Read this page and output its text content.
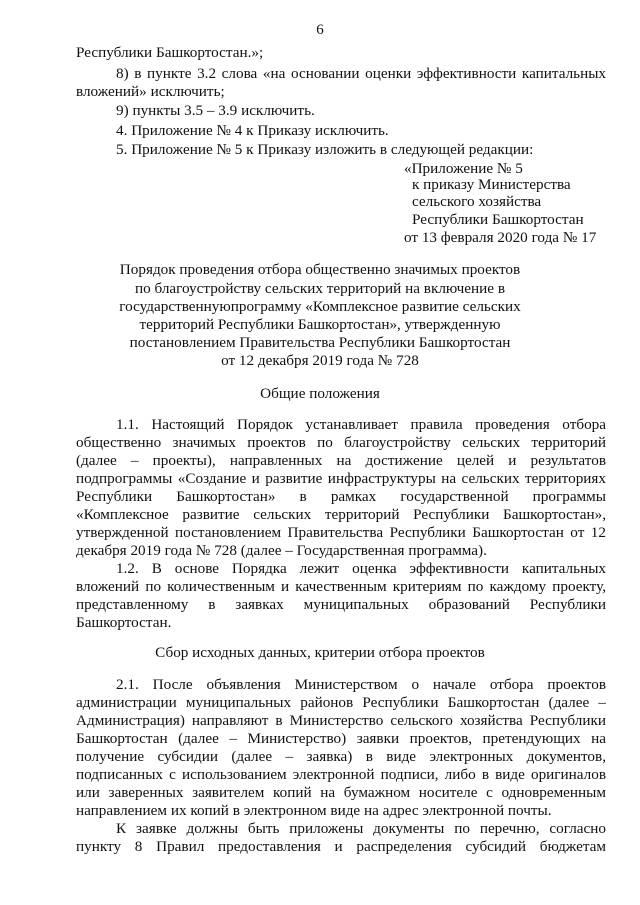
6
Республики Башкортостан.»;
8) в пункте 3.2 слова «на основании оценки эффективности капитальных
вложений» исключить;
9) пункты 3.5 – 3.9 исключить.
4. Приложение № 4 к Приказу исключить.
5. Приложение № 5 к Приказу изложить в следующей редакции:
«Приложение № 5
к приказу Министерства
сельского хозяйства
Республики Башкортостан
от 13 февраля 2020 года № 17
Порядок проведения отбора общественно значимых проектов
по благоустройству сельских территорий на включение в
государственнуюпрограмму «Комплексное развитие сельских
территорий Республики Башкортостан», утвержденную
постановлением Правительства Республики Башкортостан
от 12 декабря 2019 года № 728
Общие положения
1.1. Настоящий Порядок устанавливает правила проведения отбора
общественно значимых проектов по благоустройству сельских территорий
(далее – проекты), направленных на достижение целей и результатов
подпрограммы «Создание и развитие инфраструктуры на сельских территориях
Республики Башкортостан» в рамках государственной программы
«Комплексное развитие сельских территорий Республики Башкортостан»,
утвержденной постановлением Правительства Республики Башкортостан от 12
декабря 2019 года № 728 (далее – Государственная программа).
1.2. В основе Порядка лежит оценка эффективности капитальных
вложений по количественным и качественным критериям по каждому проекту,
представленному в заявках муниципальных образований Республики
Башкортостан.
Сбор исходных данных, критерии отбора проектов
2.1. После объявления Министерством о начале отбора проектов
администрации муниципальных районов Республики Башкортостан (далее –
Администрация) направляют в Министерство сельского хозяйства Республики
Башкортостан (далее – Министерство) заявки проектов, претендующих на
получение субсидии (далее – заявка) в виде электронных документов,
подписанных с использованием электронной подписи, либо в виде оригиналов
или заверенных заявителем копий на бумажном носителе с одновременным
направлением их копий в электронном виде на адрес электронной почты.
К заявке должны быть приложены документы по перечню, согласно
пункту 8 Правил предоставления и распределения субсидий бюджетам
